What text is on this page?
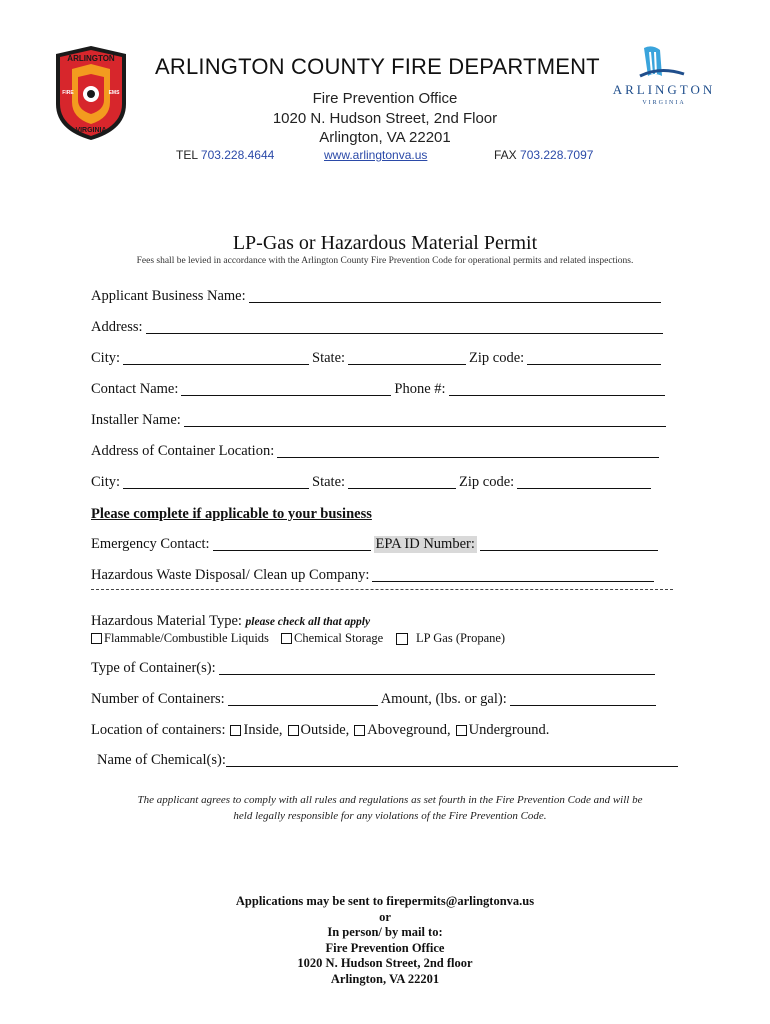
ARLINGTON
VIRGINIA
FIRE	EMS	ARLINGTON
VIRGINIA
ARLINGTON COUNTY FIRE DEPARTMENT
Fire Prevention Office
1020 N. Hudson Street, 2nd Floor
Arlington, VA 22201
TEL 703.228.4644	www.arlingtonva.us	FAX 703.228.7097
LP-Gas or Hazardous Material Permit
Fees shall be levied in accordance with the Arlington County Fire Prevention Code for operational permits and related inspections.
Applicant Business Name:
Address:
City:	State:	Zip code:
Contact Name:	Phone #:
Installer Name:
Address of Container Location:
City:	State:	Zip code:
Please complete if applicable to your business
Emergency Contact:	EPA ID Number:
Hazardous Waste Disposal/ Clean up Company:
Hazardous Material Type: please check all that apply
Flammable/Combustible Liquids Chemical Storage	LP Gas (Propane)
Type of Container(s):
Number of Containers:	Amount, (lbs. or gal):
Location of containers: Inside, Outside, Aboveground, Underground.
Name of Chemical(s):
The applicant agrees to comply with all rules and regulations as set fourth in the Fire Prevention Code and will be
held legally responsible for any violations of the Fire Prevention Code.
Applications may be sent to firepermits@arlingtonva.us
or
In person/ by mail to:
Fire Prevention Office
1020 N. Hudson Street, 2nd floor
Arlington, VA 22201
